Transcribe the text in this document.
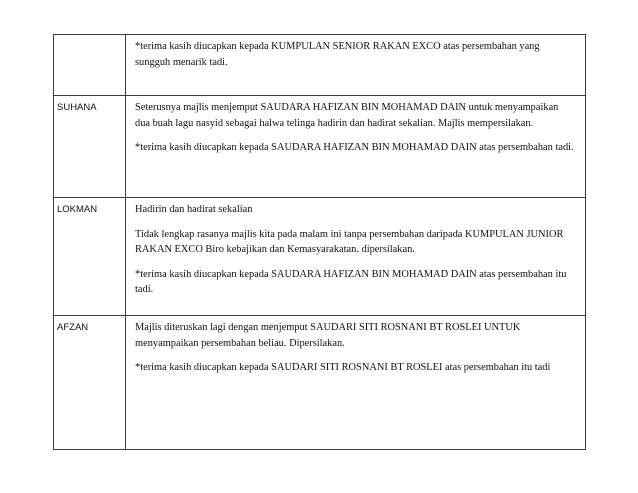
	*terima kasih diucapkan kepada KUMPULAN SENIOR RAKAN EXCO atas persembahan yang sungguh menarik tadi.

SUHANA	Seterusnya majlis menjemput SAUDARA HAFIZAN BIN MOHAMAD DAIN untuk menyampaikan dua buah lagu nasyid sebagai halwa telinga hadirin dan hadirat sekalian. Majlis mempersilakan.

*terima kasih diucapkan kepada SAUDARA HAFIZAN BIN MOHAMAD DAIN atas persembahan tadi.

LOKMAN	Hadirin dan hadirat sekalian

Tidak lengkap rasanya majlis kita pada malam ini tanpa persembahan daripada KUMPULAN JUNIOR RAKAN EXCO Biro kebajikan dan Kemasyarakatan. dipersilakan.

*terima kasih diucapkan kepada SAUDARA HAFIZAN BIN MOHAMAD DAIN atas persembahan itu tadi.

AFZAN	Majlis diteruskan lagi dengan menjemput SAUDARI SITI ROSNANI BT ROSLEI UNTUK menyampaikan persembahan beliau. Dipersilakan.

*terima kasih diucapkan kepada SAUDARI SITI ROSNANI BT ROSLEI atas persembahan itu tadi
